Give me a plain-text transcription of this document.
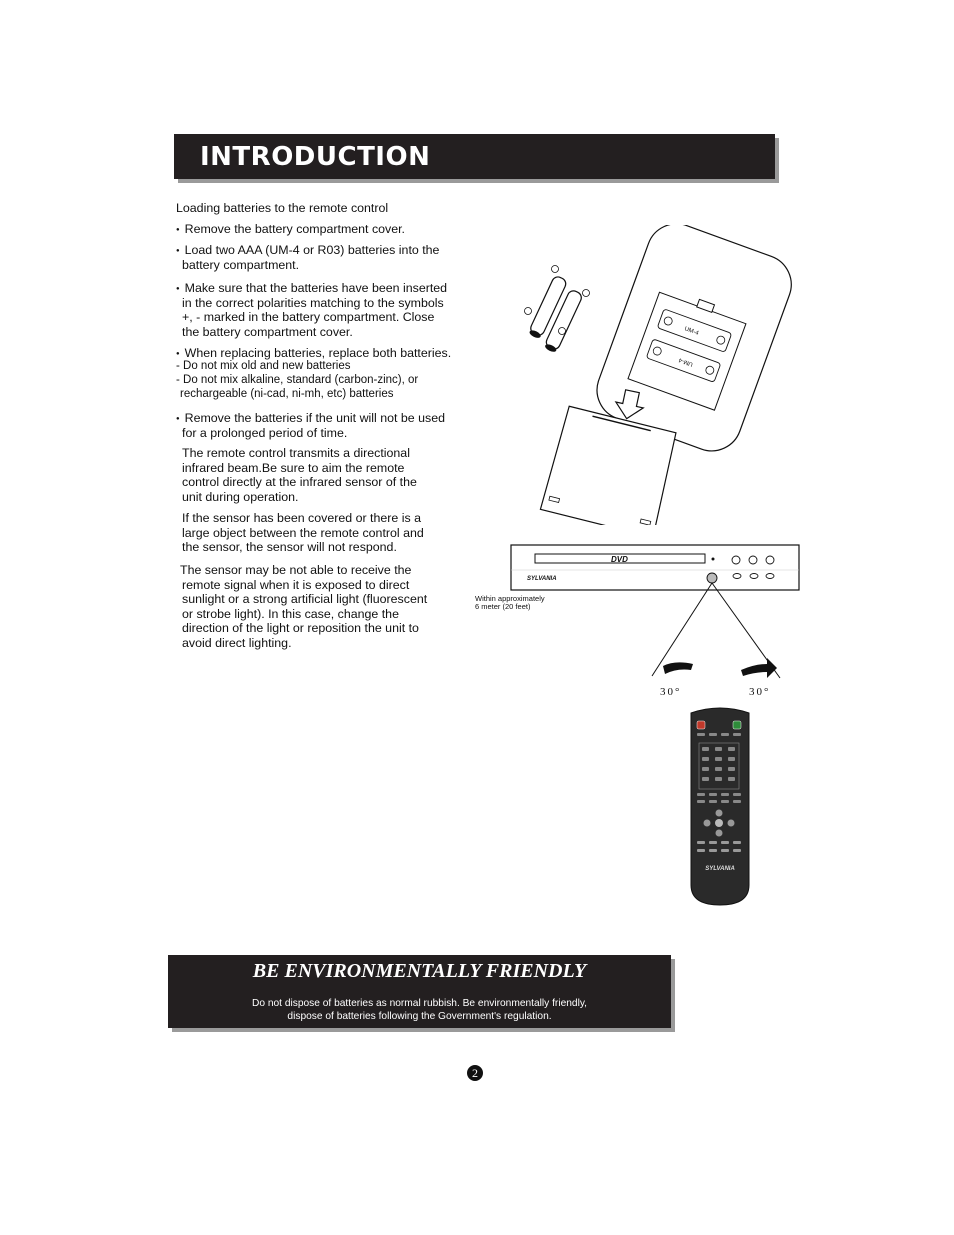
INTRODUCTION
Loading batteries to the remote control
● Remove the battery compartment cover.
● Load two AAA (UM-4 or R03) batteries into the
battery compartment.
● Make sure that the batteries have been inserted
in the correct polarities matching to the symbols
+, - marked in the battery compartment. Close
the battery compartment cover.
● When replacing batteries, replace both batteries.
- Do not mix old and new batteries
- Do not mix alkaline, standard (carbon-zinc), or
rechargeable (ni-cad, ni-mh, etc) batteries
● Remove the batteries if the unit will not be used
for a prolonged period of time.
The remote control transmits a directional
infrared beam.Be sure to aim the remote
control directly at the infrared sensor of the
unit during operation.
If the sensor has been covered or there is a
large object between the remote control and
the sensor, the sensor will not respond.
The sensor may be not able to receive the
remote signal when it is exposed to direct
sunlight or a strong artificial light (fluorescent
or strobe light). In this case, change the
direction of the light or reposition the unit to
avoid direct lighting.
UM-4
UM-4
DVD
SYLVANIA
Within approximately
6 meter (20 feet)
30°	30°
SYLVANIA
BE ENVIRONMENTALLY FRIENDLY
Do not dispose of batteries as normal rubbish. Be environmentally friendly,
dispose of batteries following the Government's regulation.
2
